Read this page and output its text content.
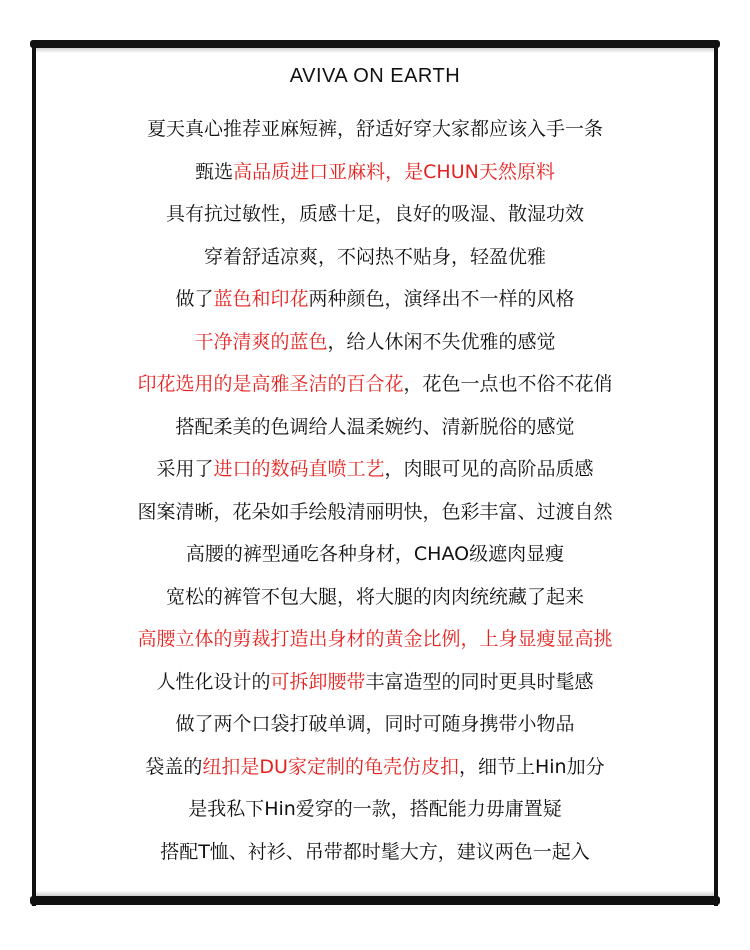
AVIVA ON EARTH
夏天真心推荐亚麻短裤，舒适好穿大家都应该入手一条
甄选高品质进口亚麻料，是CHUN天然原料
具有抗过敏性，质感十足，良好的吸湿、散湿功效
穿着舒适凉爽，不闷热不贴身，轻盈优雅
做了蓝色和印花两种颜色，演绎出不一样的风格
干净清爽的蓝色，给人休闲不失优雅的感觉
印花选用的是高雅圣洁的百合花，花色一点也不俗不花俏
搭配柔美的色调给人温柔婉约、清新脱俗的感觉
采用了进口的数码直喷工艺，肉眼可见的高阶品质感
图案清晰，花朵如手绘般清丽明快，色彩丰富、过渡自然
高腰的裤型通吃各种身材，CHAO级遮肉显瘦
宽松的裤管不包大腿，将大腿的肉肉统统藏了起来
高腰立体的剪裁打造出身材的黄金比例，上身显瘦显高挑
人性化设计的可拆卸腰带丰富造型的同时更具时髦感
做了两个口袋打破单调，同时可随身携带小物品
袋盖的纽扣是DU家定制的龟壳仿皮扣，细节上Hin加分
是我私下Hin爱穿的一款，搭配能力毋庸置疑
搭配T恤、衬衫、吊带都时髦大方，建议两色一起入
